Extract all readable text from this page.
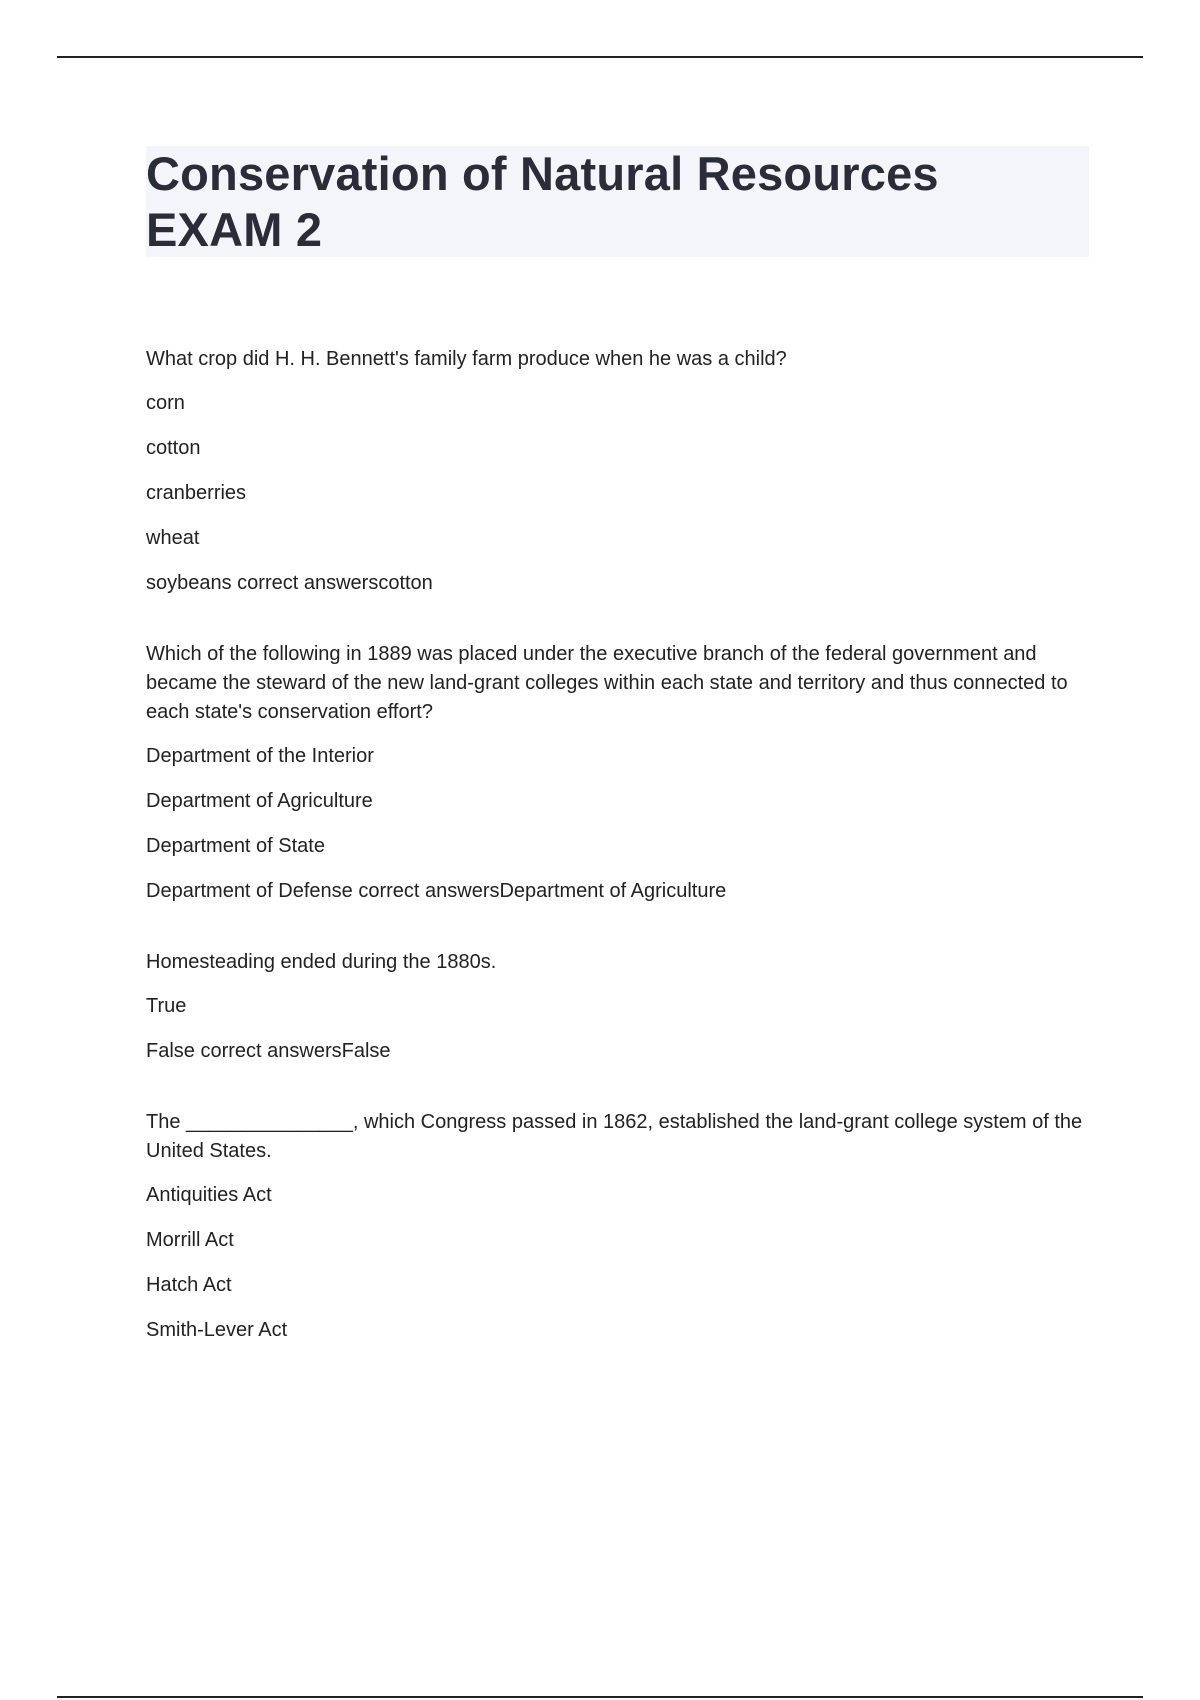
Conservation of Natural Resources
EXAM 2

What crop did H. H. Bennett's family farm produce when he was a child?

corn

cotton

cranberries

wheat

soybeans correct answerscotton

Which of the following in 1889 was placed under the executive branch of the federal government and became the steward of the new land-grant colleges within each state and territory and thus connected to each state's conservation effort?

Department of the Interior

Department of Agriculture

Department of State

Department of Defense correct answersDepartment of Agriculture

Homesteading ended during the 1880s.

True

False correct answersFalse

The _______________, which Congress passed in 1862, established the land-grant college system of the United States.

Antiquities Act

Morrill Act

Hatch Act

Smith-Lever Act
